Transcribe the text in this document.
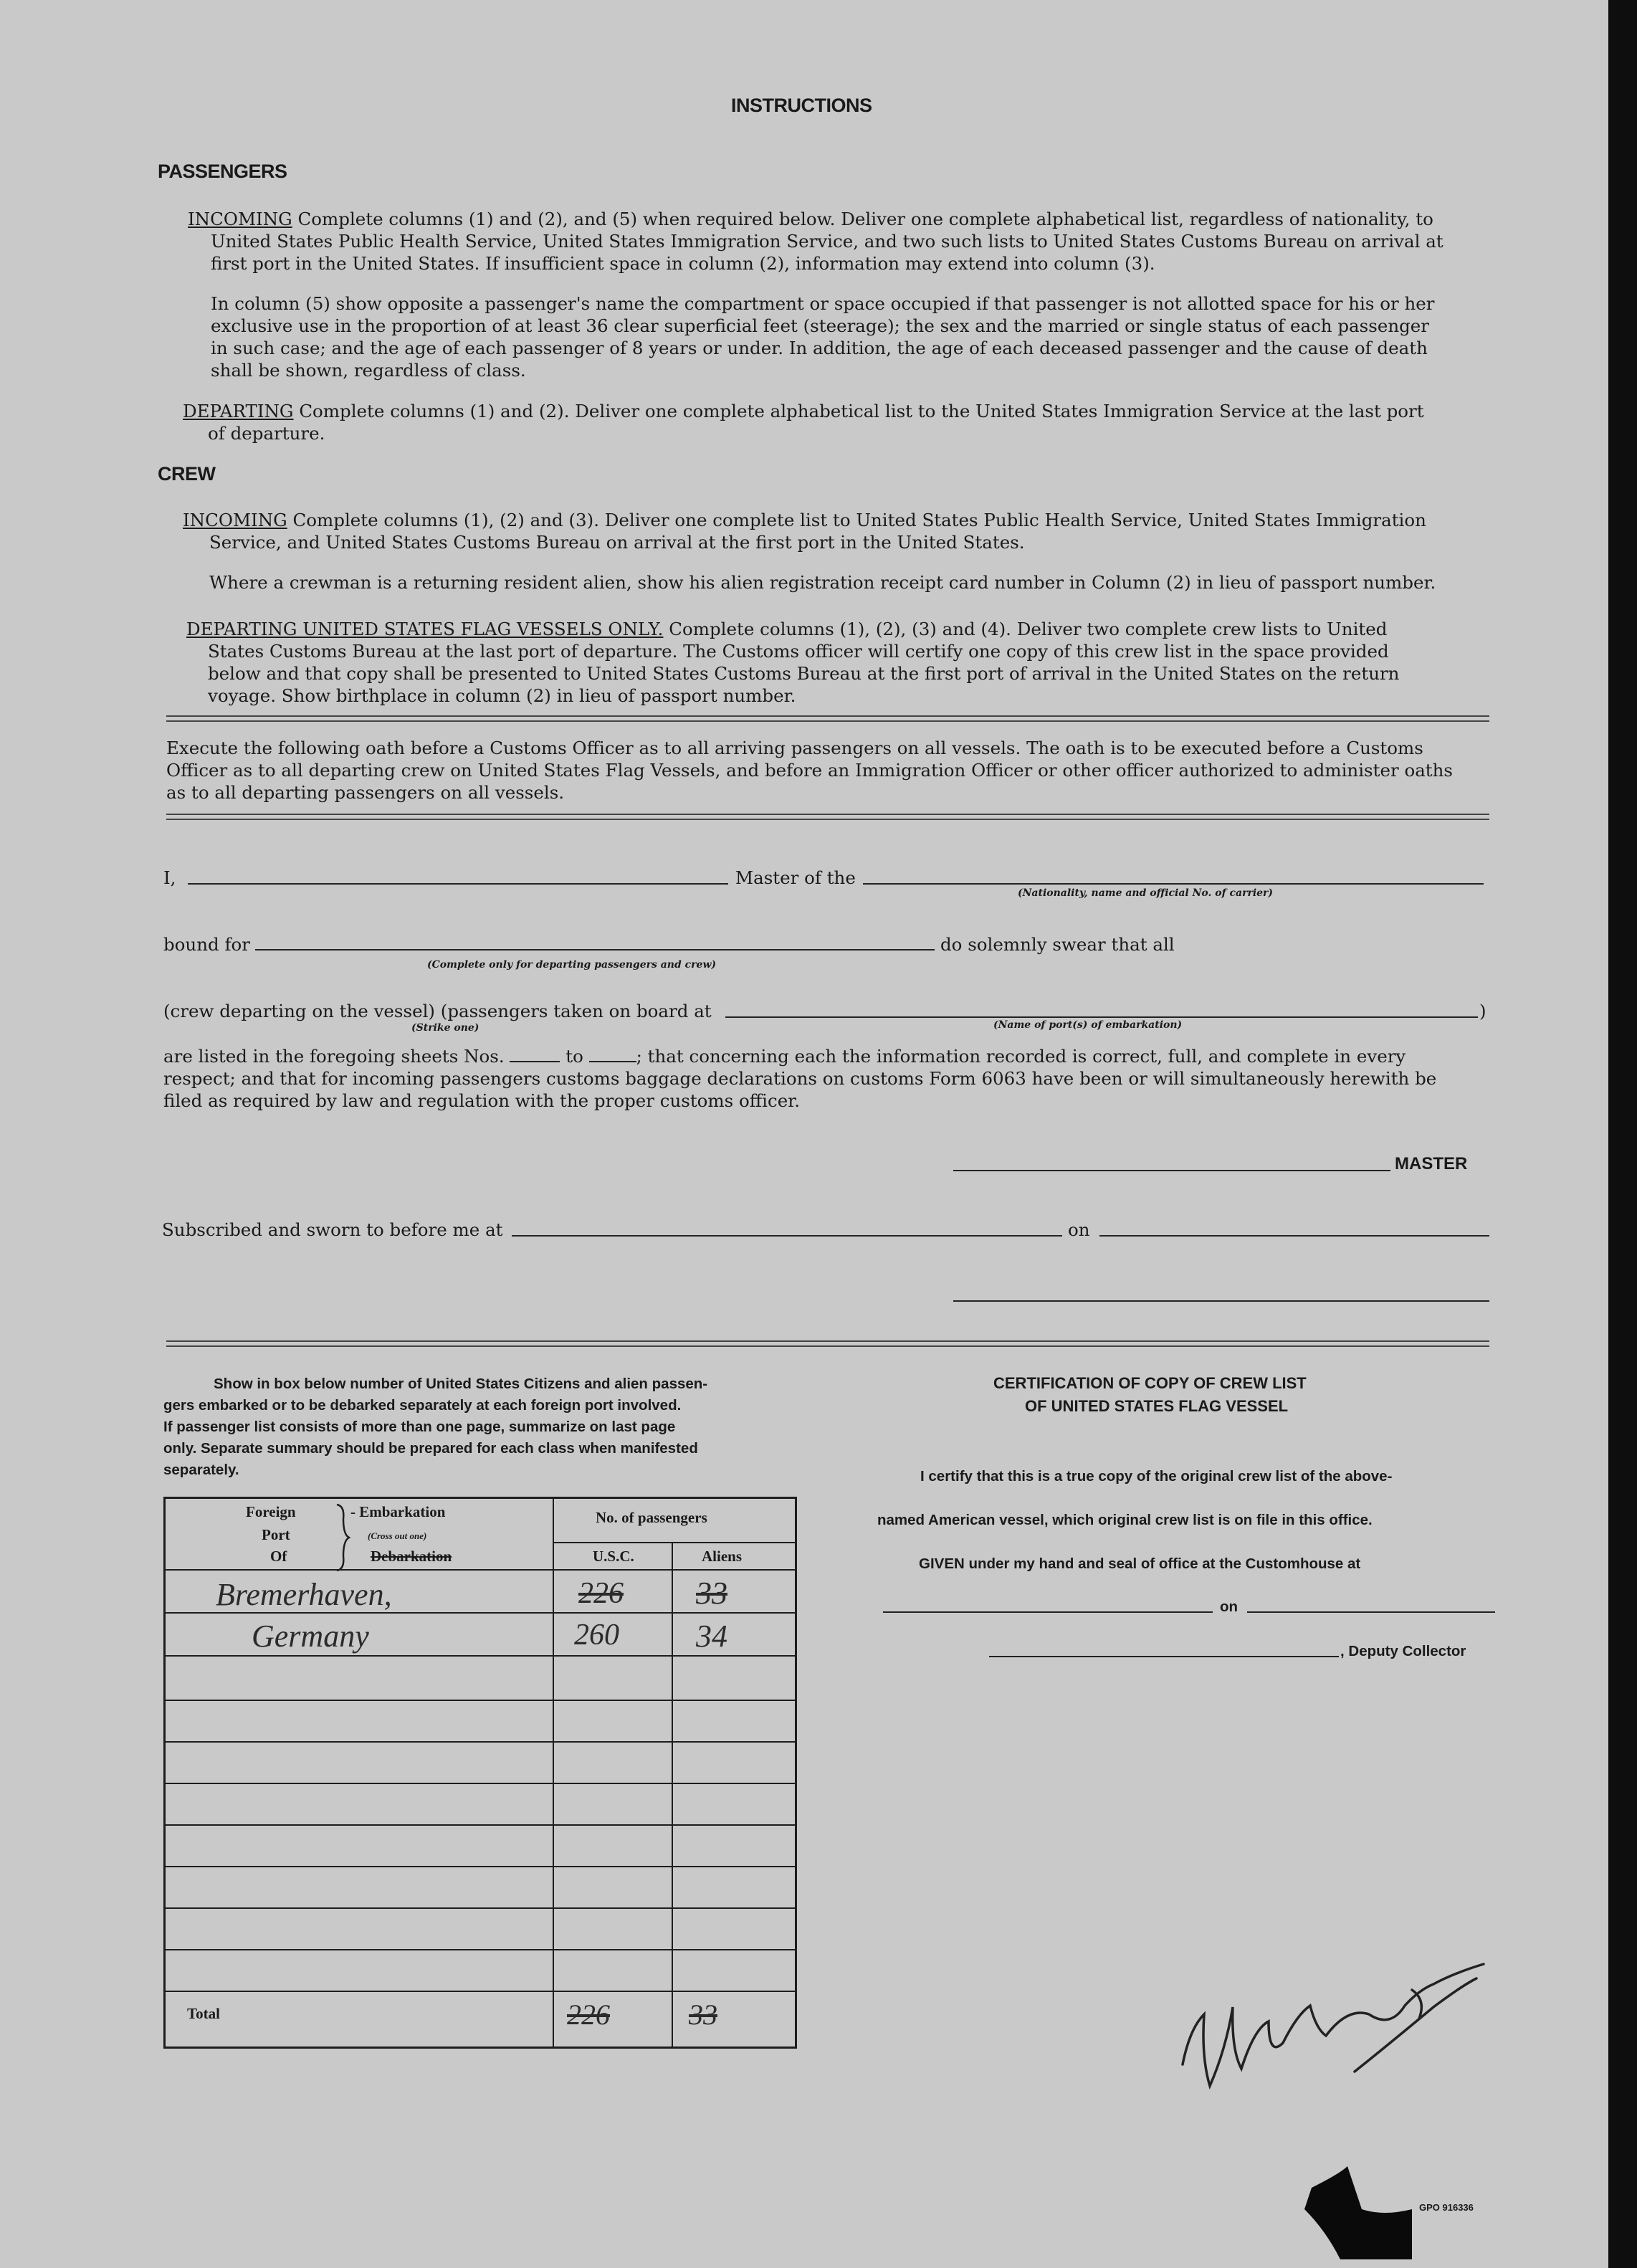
INSTRUCTIONS
PASSENGERS
INCOMING Complete columns (1) and (2), and (5) when required below. Deliver one complete alphabetical list, regardless of nationality, to
United States Public Health Service, United States Immigration Service, and two such lists to United States Customs Bureau on arrival at
first port in the United States. If insufficient space in column (2), information may extend into column (3).
In column (5) show opposite a passenger's name the compartment or space occupied if that passenger is not allotted space for his or her
exclusive use in the proportion of at least 36 clear superficial feet (steerage); the sex and the married or single status of each passenger
in such case; and the age of each passenger of 8 years or under. In addition, the age of each deceased passenger and the cause of death
shall be shown, regardless of class.
DEPARTING Complete columns (1) and (2). Deliver one complete alphabetical list to the United States Immigration Service at the last port
of departure.
CREW
INCOMING Complete columns (1), (2) and (3). Deliver one complete list to United States Public Health Service, United States Immigration
Service, and United States Customs Bureau on arrival at the first port in the United States.
Where a crewman is a returning resident alien, show his alien registration receipt card number in Column (2) in lieu of passport number.
DEPARTING UNITED STATES FLAG VESSELS ONLY. Complete columns (1), (2), (3) and (4). Deliver two complete crew lists to United
States Customs Bureau at the last port of departure. The Customs officer will certify one copy of this crew list in the space provided
below and that copy shall be presented to United States Customs Bureau at the first port of arrival in the United States on the return
voyage. Show birthplace in column (2) in lieu of passport number.
Execute the following oath before a Customs Officer as to all arriving passengers on all vessels. The oath is to be executed before a Customs
Officer as to all departing crew on United States Flag Vessels, and before an Immigration Officer or other officer authorized to administer oaths
as to all departing passengers on all vessels.
I,	Master of the
(Nationality, name and official No. of carrier)
bound for	do solemnly swear that all
(Complete only for departing passengers and crew)
(crew departing on the vessel) (passengers taken on board at	)
(Strike one)	(Name of port(s) of embarkation)
are listed in the foregoing sheets Nos.	to	; that concerning each the information recorded is correct, full, and complete in every
respect; and that for incoming passengers customs baggage declarations on customs Form 6063 have been or will simultaneously herewith be
filed as required by law and regulation with the proper customs officer.
MASTER
Subscribed and sworn to before me at	on
Show in box below number of United States Citizens and alien passen-
gers embarked or to be debarked separately at each foreign port involved.
If passenger list consists of more than one page, summarize on last page
only. Separate summary should be prepared for each class when manifested
separately.
Foreign
Port
Of
- Embarkation
(Cross out one)
Debarkation
No. of passengers
U.S.C.	Aliens
Bremerhaven,	226 33
Germany	260 34
Total	226	33
CERTIFICATION OF COPY OF CREW LIST
OF UNITED STATES FLAG VESSEL
I certify that this is a true copy of the original crew list of the above-
named American vessel, which original crew list is on file in this office.
GIVEN under my hand and seal of office at the Customhouse at
on
, Deputy Collector
GPO 916336
